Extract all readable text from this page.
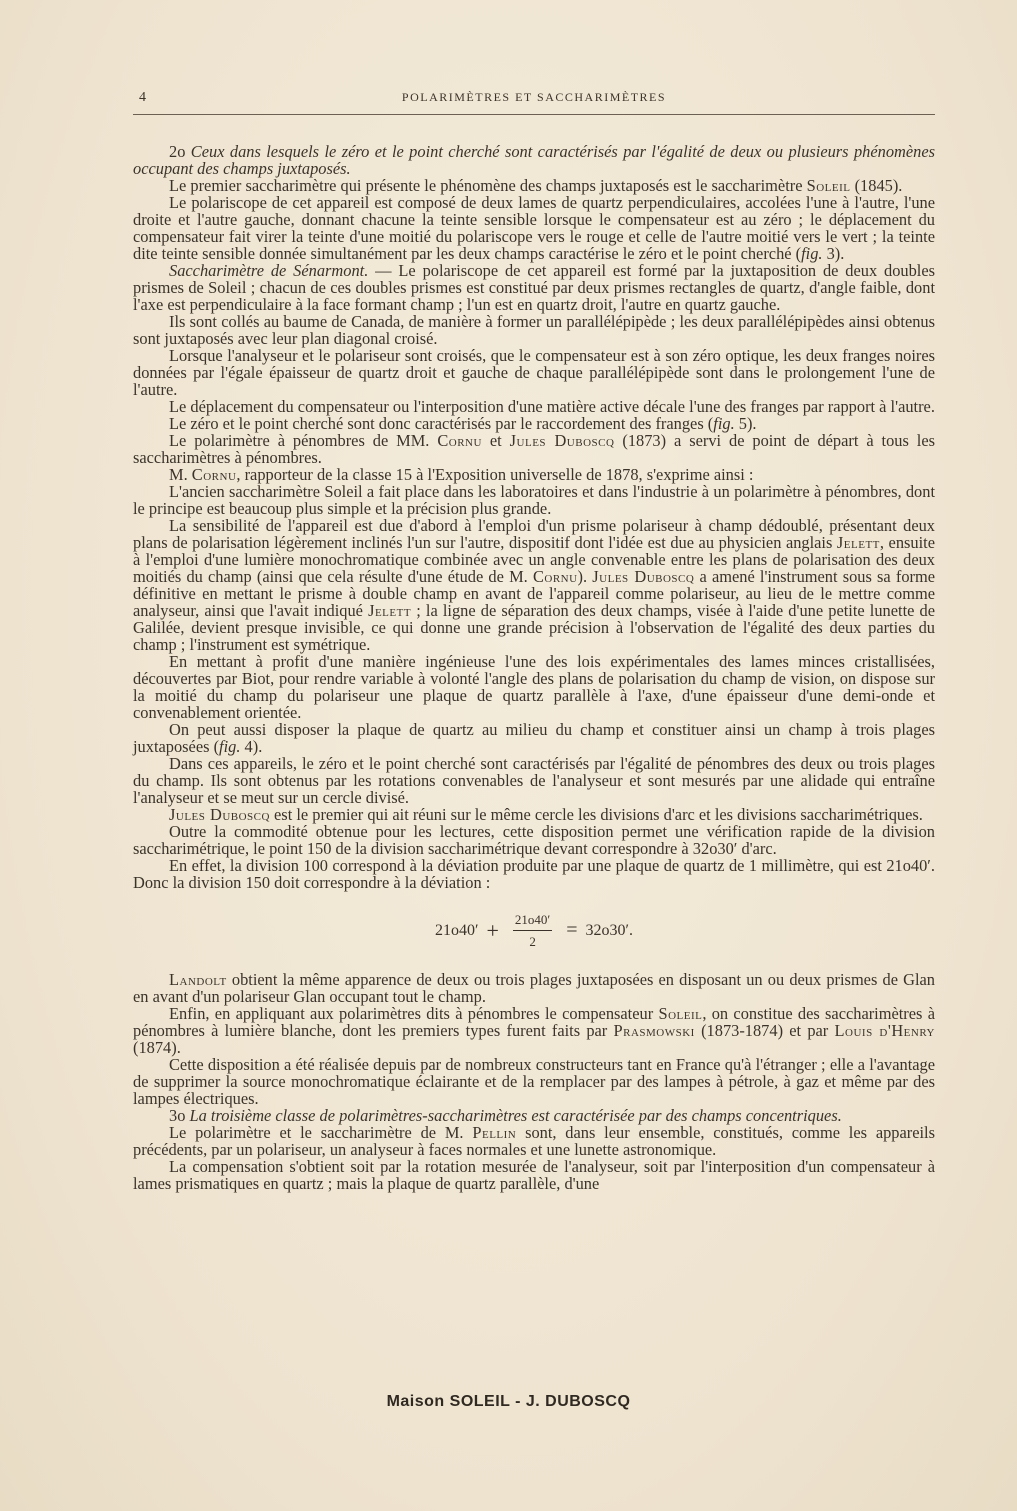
4	POLARIMÈTRES ET SACCHARIMÈTRES

2o Ceux dans lesquels le zéro et le point cherché sont caractérisés par l'égalité de deux ou plusieurs phénomènes occupant des champs juxtaposés.

Le premier saccharimètre qui présente le phénomène des champs juxtaposés est le saccharimètre Soleil (1845).

Le polariscope de cet appareil est composé de deux lames de quartz perpendiculaires, accolées l'une à l'autre, l'une droite et l'autre gauche, donnant chacune la teinte sensible lorsque le compensateur est au zéro ; le déplacement du compensateur fait virer la teinte d'une moitié du polariscope vers le rouge et celle de l'autre moitié vers le vert ; la teinte dite teinte sensible donnée simultanément par les deux champs caractérise le zéro et le point cherché (fig. 3).

Saccharimètre de Sénarmont. — Le polariscope de cet appareil est formé par la juxtaposition de deux doubles prismes de Soleil ; chacun de ces doubles prismes est constitué par deux prismes rectangles de quartz, d'angle faible, dont l'axe est perpendiculaire à la face formant champ ; l'un est en quartz droit, l'autre en quartz gauche.

Ils sont collés au baume de Canada, de manière à former un parallélépipède ; les deux parallélépipèdes ainsi obtenus sont juxtaposés avec leur plan diagonal croisé.

Lorsque l'analyseur et le polariseur sont croisés, que le compensateur est à son zéro optique, les deux franges noires données par l'égale épaisseur de quartz droit et gauche de chaque parallélépipède sont dans le prolongement l'une de l'autre.

Le déplacement du compensateur ou l'interposition d'une matière active décale l'une des franges par rapport à l'autre.

Le zéro et le point cherché sont donc caractérisés par le raccordement des franges (fig. 5).

Le polarimètre à pénombres de MM. Cornu et Jules Duboscq (1873) a servi de point de départ à tous les saccharimètres à pénombres.

M. Cornu, rapporteur de la classe 15 à l'Exposition universelle de 1878, s'exprime ainsi :

L'ancien saccharimètre Soleil a fait place dans les laboratoires et dans l'industrie à un polarimètre à pénombres, dont le principe est beaucoup plus simple et la précision plus grande.

La sensibilité de l'appareil est due d'abord à l'emploi d'un prisme polariseur à champ dédoublé, présentant deux plans de polarisation légèrement inclinés l'un sur l'autre, dispositif dont l'idée est due au physicien anglais Jelett, ensuite à l'emploi d'une lumière monochromatique combinée avec un angle convenable entre les plans de polarisation des deux moitiés du champ (ainsi que cela résulte d'une étude de M. Cornu). Jules Duboscq a amené l'instrument sous sa forme définitive en mettant le prisme à double champ en avant de l'appareil comme polariseur, au lieu de le mettre comme analyseur, ainsi que l'avait indiqué Jelett ; la ligne de séparation des deux champs, visée à l'aide d'une petite lunette de Galilée, devient presque invisible, ce qui donne une grande précision à l'observation de l'égalité des deux parties du champ ; l'instrument est symétrique.

En mettant à profit d'une manière ingénieuse l'une des lois expérimentales des lames minces cristallisées, découvertes par Biot, pour rendre variable à volonté l'angle des plans de polarisation du champ de vision, on dispose sur la moitié du champ du polariseur une plaque de quartz parallèle à l'axe, d'une épaisseur d'une demi-onde et convenablement orientée.

On peut aussi disposer la plaque de quartz au milieu du champ et constituer ainsi un champ à trois plages juxtaposées (fig. 4).

Dans ces appareils, le zéro et le point cherché sont caractérisés par l'égalité de pénombres des deux ou trois plages du champ. Ils sont obtenus par les rotations convenables de l'analyseur et sont mesurés par une alidade qui entraîne l'analyseur et se meut sur un cercle divisé.

Jules Duboscq est le premier qui ait réuni sur le même cercle les divisions d'arc et les divisions saccharimétriques.

Outre la commodité obtenue pour les lectures, cette disposition permet une vérification rapide de la division saccharimétrique, le point 150 de la division saccharimétrique devant correspondre à 32o30′ d'arc.

En effet, la division 100 correspond à la déviation produite par une plaque de quartz de 1 millimètre, qui est 21o40′. Donc la division 150 doit correspondre à la déviation :

$21o40' + \frac{21o40'}{2} = 32o30'$.

Landolt obtient la même apparence de deux ou trois plages juxtaposées en disposant un ou deux prismes de Glan en avant d'un polariseur Glan occupant tout le champ.

Enfin, en appliquant aux polarimètres dits à pénombres le compensateur Soleil, on constitue des saccharimètres à pénombres à lumière blanche, dont les premiers types furent faits par Prasmowski (1873-1874) et par Louis d'Henry (1874).

Cette disposition a été réalisée depuis par de nombreux constructeurs tant en France qu'à l'étranger ; elle a l'avantage de supprimer la source monochromatique éclairante et de la remplacer par des lampes à pétrole, à gaz et même par des lampes électriques.

3o La troisième classe de polarimètres-saccharimètres est caractérisée par des champs concentriques.

Le polarimètre et le saccharimètre de M. Pellin sont, dans leur ensemble, constitués, comme les appareils précédents, par un polariseur, un analyseur à faces normales et une lunette astronomique.

La compensation s'obtient soit par la rotation mesurée de l'analyseur, soit par l'interposition d'un compensateur à lames prismatiques en quartz ; mais la plaque de quartz parallèle, d'une

Maison SOLEIL - J. DUBOSCQ
